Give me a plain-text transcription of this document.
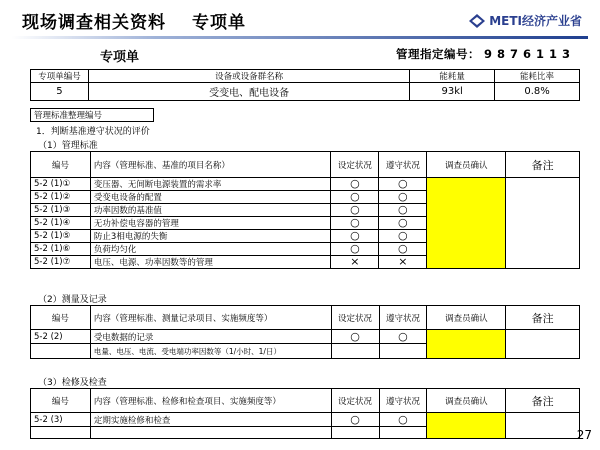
现场调查相关资料 专项单	METI经济产业省
专项单	管理指定编号： 9876113
专项单编号	设备或设备群名称	能耗量	能耗比率
5	受变电、配电设备	93kl	0.8%
管理标准整理编号
1．判断基准遵守状况的评价
（1）管理标准
编号	内容（管理标准、基准的项目名称）	设定状况	遵守状况	调查员确认	备注
5-2 (1)①	变压器、无间断电源装置的需求率	○	○		
5-2 (1)②	受变电设备的配置	○	○		
5-2 (1)③	功率因数的基准值	○	○		
5-2 (1)④	无功补偿电容器的管理	○	○		
5-2 (1)⑤	防止3相电源的失衡	○	○		
5-2 (1)⑥	负荷均匀化	○	○		
5-2 (1)⑦	电压、电源、功率因数等的管理	×	×		
（2）测量及记录
编号	内容（管理标准、测量记录项目、实施频度等）	设定状况	遵守状况	调查员确认	备注
5-2 (2)	受电数据的记录	○	○		
	电量、电压、电流、受电端功率因数等（1/小时、1/日）				
（3）检修及检查
编号	内容（管理标准、检修和检查项目、实施频度等）	设定状况	遵守状况	调查员确认	备注
5-2 (3)	定期实施检修和检查	○	○		

27
